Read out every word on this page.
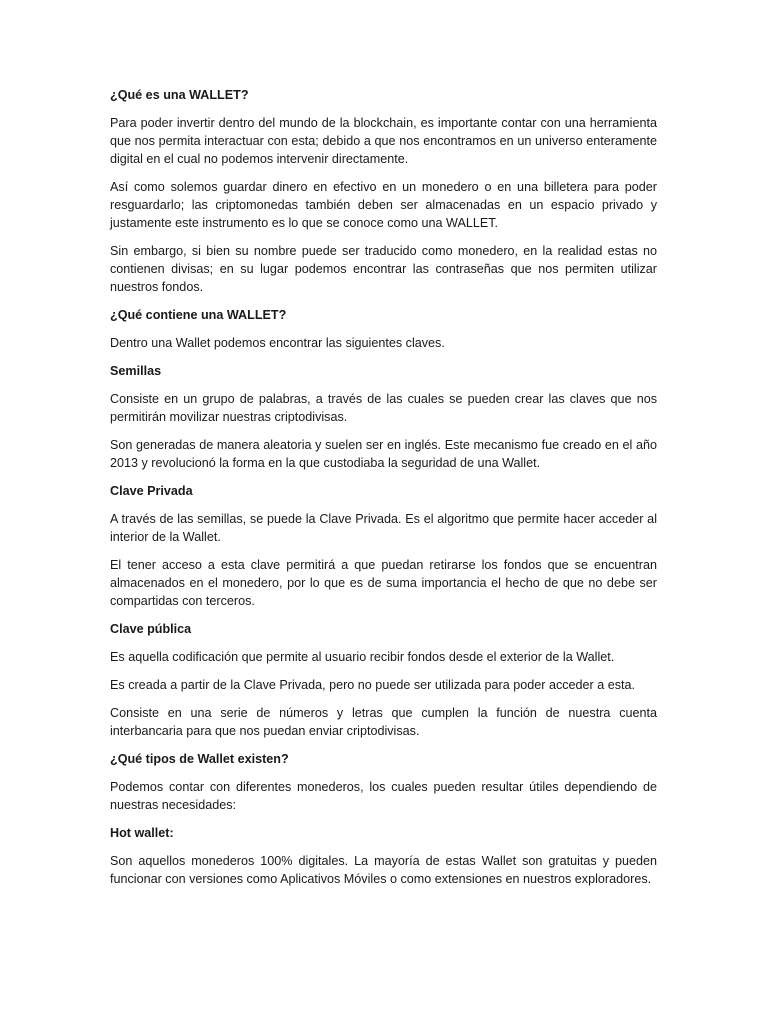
¿Qué es una WALLET?
Para poder invertir dentro del mundo de la blockchain, es importante contar con una herramienta que nos permita interactuar con esta; debido a que nos encontramos en un universo enteramente digital en el cual no podemos intervenir directamente.
Así como solemos guardar dinero en efectivo en un monedero o en una billetera para poder resguardarlo; las criptomonedas también deben ser almacenadas en un espacio privado y justamente este instrumento es lo que se conoce como una WALLET.
Sin embargo, si bien su nombre puede ser traducido como monedero, en la realidad estas no contienen divisas; en su lugar podemos encontrar las contraseñas que nos permiten utilizar nuestros fondos.
¿Qué contiene una WALLET?
Dentro una Wallet podemos encontrar las siguientes claves.
Semillas
Consiste en un grupo de palabras, a través de las cuales se pueden crear las claves que nos permitirán movilizar nuestras criptodivisas.
Son generadas de manera aleatoria y suelen ser en inglés. Este mecanismo fue creado en el año 2013 y revolucionó la forma en la que custodiaba la seguridad de una Wallet.
Clave Privada
A través de las semillas, se puede la Clave Privada. Es el algoritmo que permite hacer acceder al interior de la Wallet.
El tener acceso a esta clave permitirá a que puedan retirarse los fondos que se encuentran almacenados en el monedero, por lo que es de suma importancia el hecho de que no debe ser compartidas con terceros.
Clave pública
Es aquella codificación que permite al usuario recibir fondos desde el exterior de la Wallet.
Es creada a partir de la Clave Privada, pero no puede ser utilizada para poder acceder a esta.
Consiste en una serie de números y letras que cumplen la función de nuestra cuenta interbancaria para que nos puedan enviar criptodivisas.
¿Qué tipos de Wallet existen?
Podemos contar con diferentes monederos, los cuales pueden resultar útiles dependiendo de nuestras necesidades:
Hot wallet:
Son aquellos monederos 100% digitales. La mayoría de estas Wallet son gratuitas y pueden funcionar con versiones como Aplicativos Móviles o como extensiones en nuestros exploradores.
